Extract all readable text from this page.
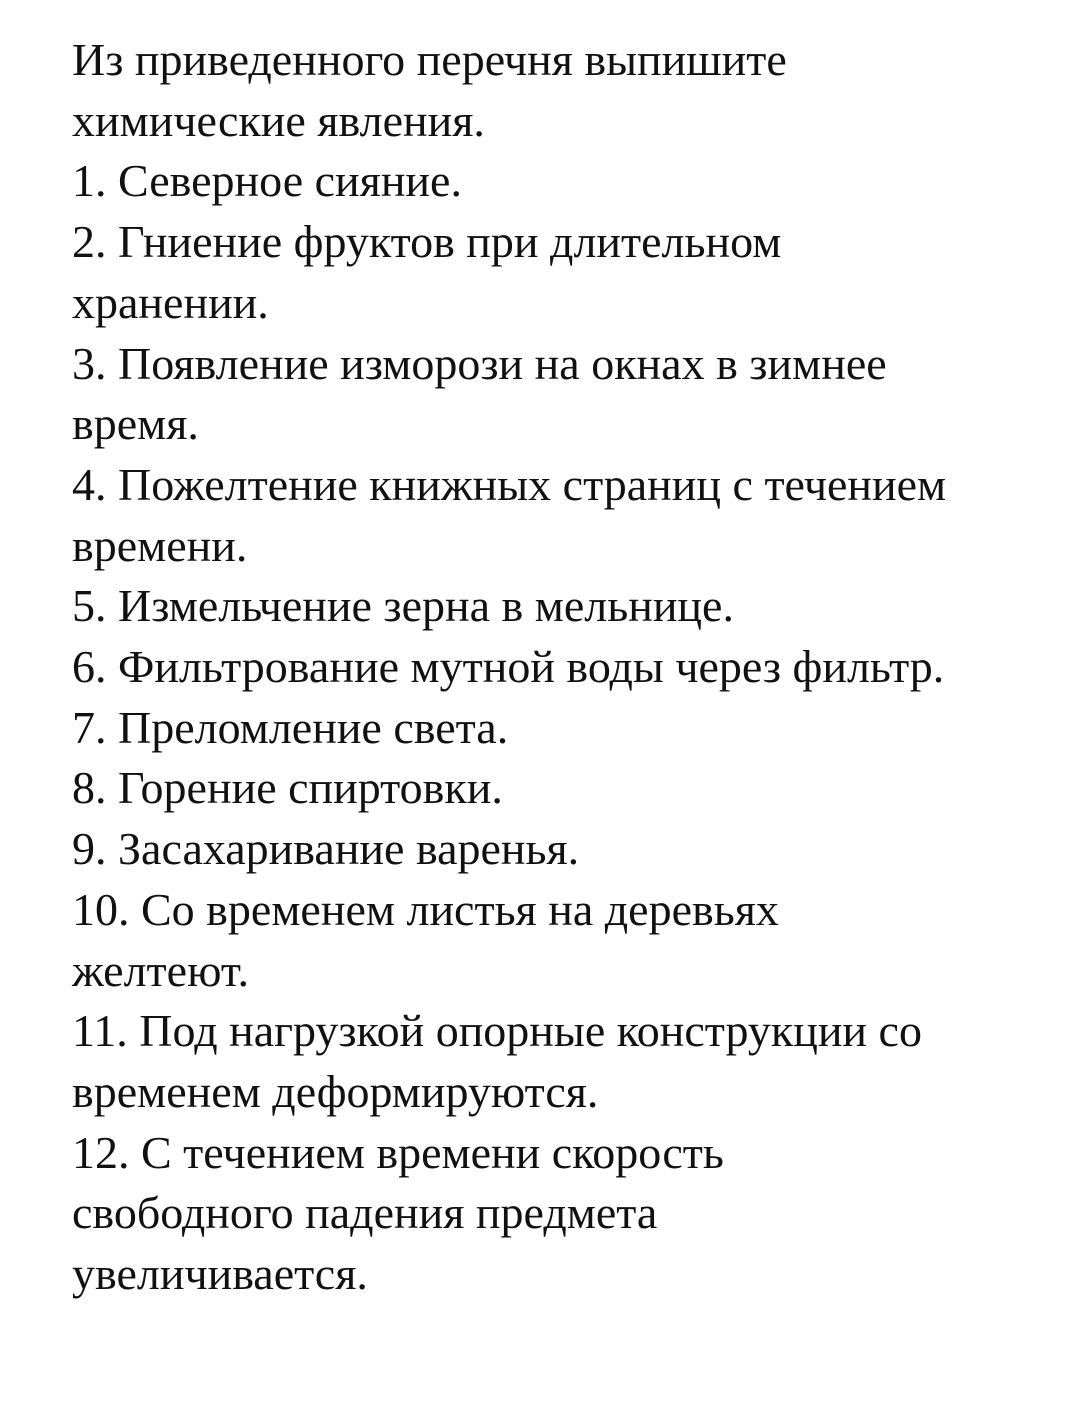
Из приведенного перечня выпишите
химические явления.
1. Северное сияние.
2. Гниение фруктов при длительном
хранении.
3. Появление изморози на окнах в зимнее
время.
4. Пожелтение книжных страниц с течением
времени.
5. Измельчение зерна в мельнице.
6. Фильтрование мутной воды через фильтр.
7. Преломление света.
8. Горение спиртовки.
9. Засахаривание варенья.
10. Со временем листья на деревьях
желтеют.
11. Под нагрузкой опорные конструкции со
временем деформируются.
12. С течением времени скорость
свободного падения предмета
увеличивается.
